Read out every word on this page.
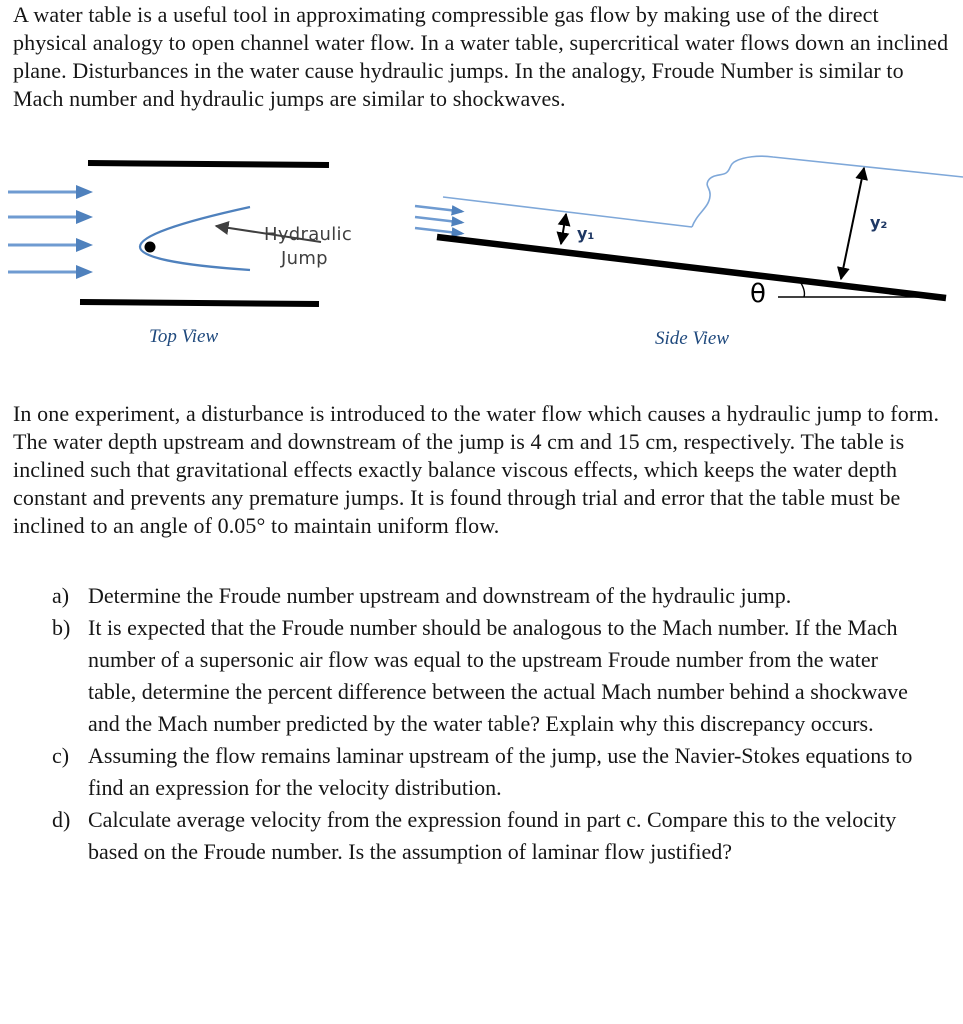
A water table is a useful tool in approximating compressible gas flow by making use of the direct physical analogy to open channel water flow. In a water table, supercritical water flows down an inclined plane. Disturbances in the water cause hydraulic jumps. In the analogy, Froude Number is similar to Mach number and hydraulic jumps are similar to shockwaves.
Hydraulic
Jump
y₁
y₂
θ
Top View	Side View
In one experiment, a disturbance is introduced to the water flow which causes a hydraulic jump to form. The water depth upstream and downstream of the jump is 4 cm and 15 cm, respectively. The table is inclined such that gravitational effects exactly balance viscous effects, which keeps the water depth constant and prevents any premature jumps. It is found through trial and error that the table must be inclined to an angle of 0.05° to maintain uniform flow.
a) Determine the Froude number upstream and downstream of the hydraulic jump.
b) It is expected that the Froude number should be analogous to the Mach number. If the Mach number of a supersonic air flow was equal to the upstream Froude number from the water table, determine the percent difference between the actual Mach number behind a shockwave and the Mach number predicted by the water table? Explain why this discrepancy occurs.
c) Assuming the flow remains laminar upstream of the jump, use the Navier-Stokes equations to find an expression for the velocity distribution.
d) Calculate average velocity from the expression found in part c. Compare this to the velocity based on the Froude number. Is the assumption of laminar flow justified?
